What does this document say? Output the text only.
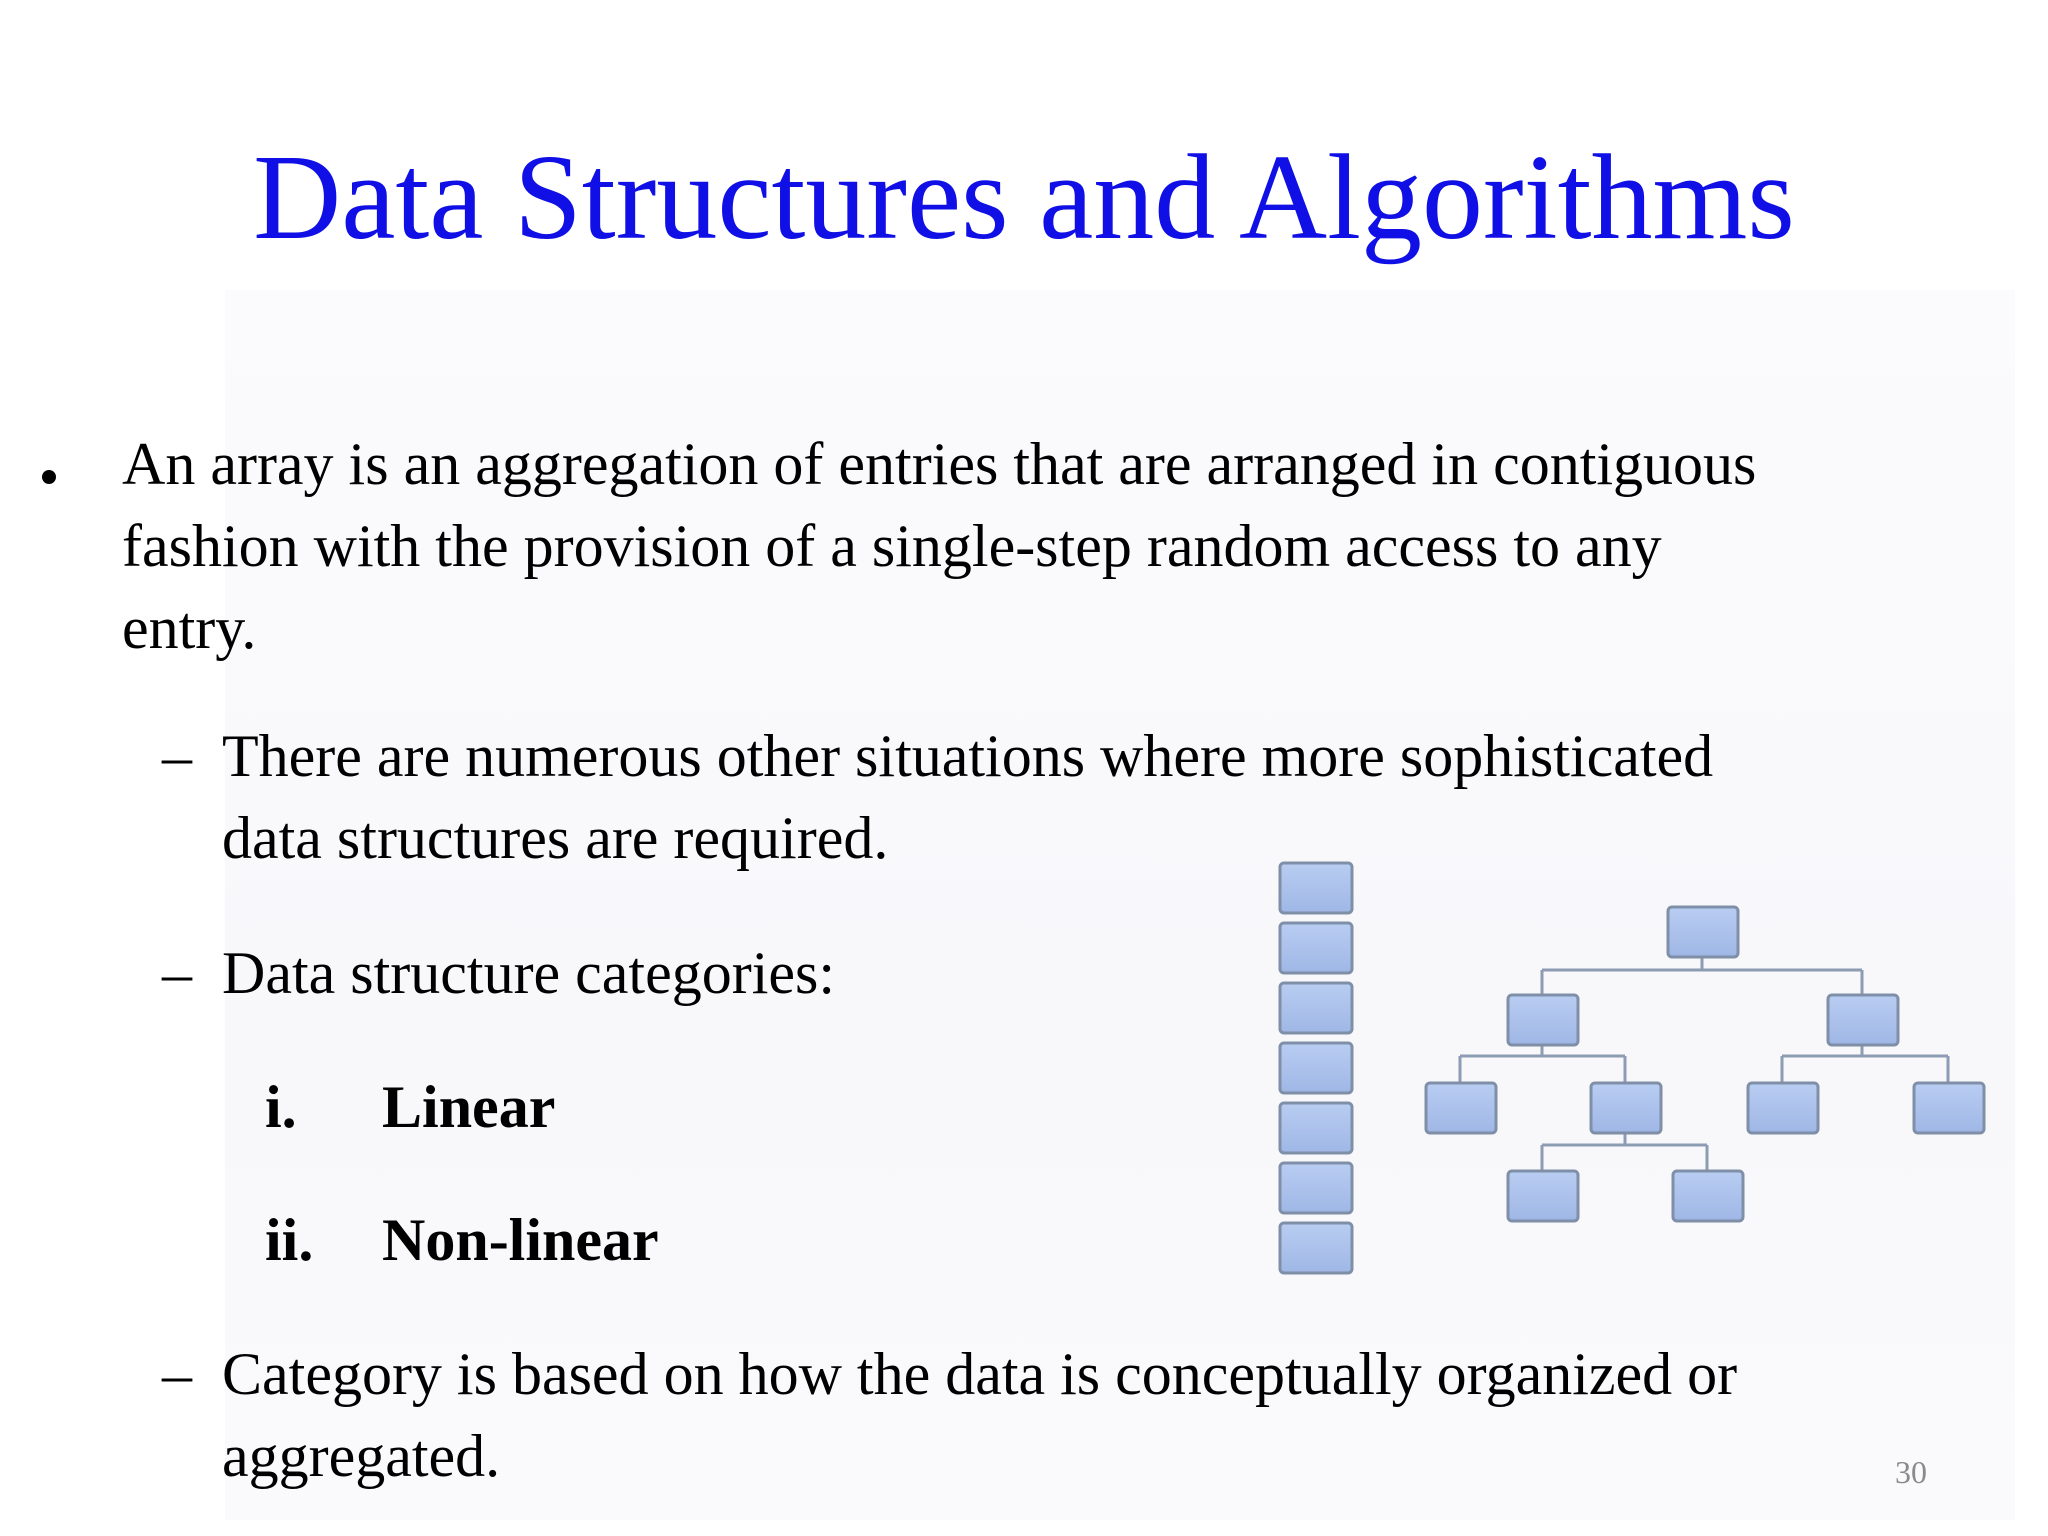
Data Structures and Algorithms
An array is an aggregation of entries that are arranged in contiguous
fashion with the provision of a single-step random access to any
entry.
– There are numerous other situations where more sophisticated
data structures are required.
– Data structure categories:
i. Linear
ii. Non-linear
– Category is based on how the data is conceptually organized or
aggregated.	30
